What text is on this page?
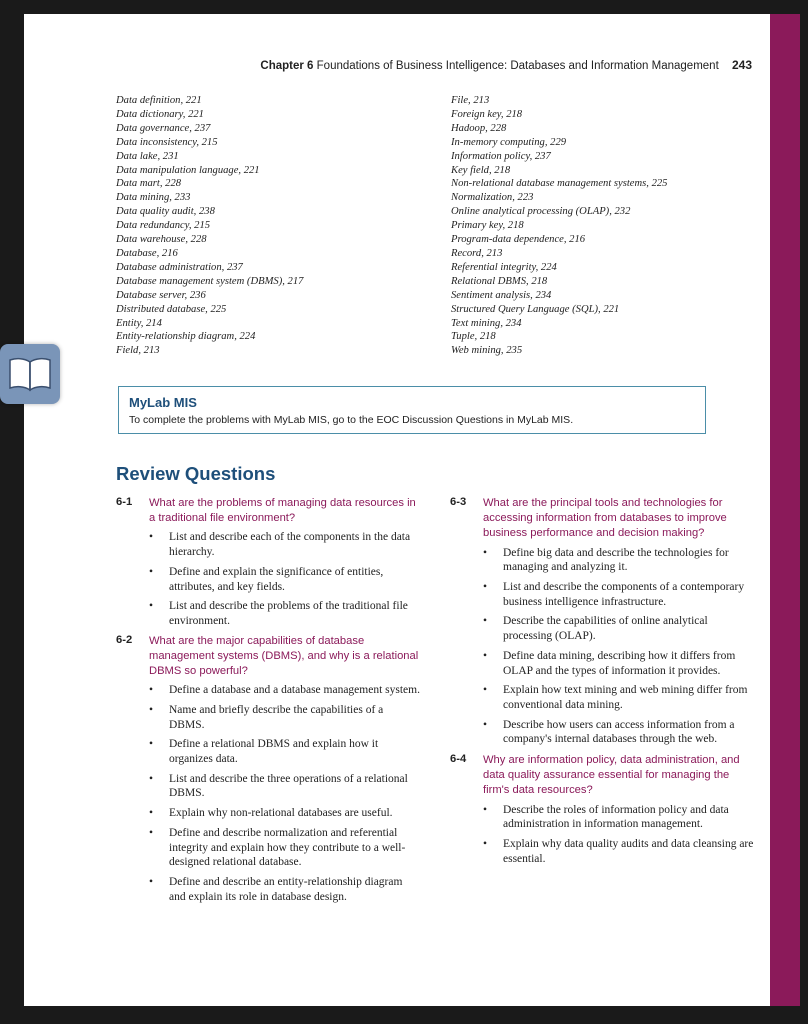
Chapter 6 Foundations of Business Intelligence: Databases and Information Management 243
Data definition, 221
Data dictionary, 221
Data governance, 237
Data inconsistency, 215
Data lake, 231
Data manipulation language, 221
Data mart, 228
Data mining, 233
Data quality audit, 238
Data redundancy, 215
Data warehouse, 228
Database, 216
Database administration, 237
Database management system (DBMS), 217
Database server, 236
Distributed database, 225
Entity, 214
Entity-relationship diagram, 224
Field, 213
File, 213
Foreign key, 218
Hadoop, 228
In-memory computing, 229
Information policy, 237
Key field, 218
Non-relational database management systems, 225
Normalization, 223
Online analytical processing (OLAP), 232
Primary key, 218
Program-data dependence, 216
Record, 213
Referential integrity, 224
Relational DBMS, 218
Sentiment analysis, 234
Structured Query Language (SQL), 221
Text mining, 234
Tuple, 218
Web mining, 235
MyLab MIS
To complete the problems with MyLab MIS, go to the EOC Discussion Questions in MyLab MIS.
Review Questions
6-1 What are the problems of managing data resources in a traditional file environment?
• List and describe each of the components in the data hierarchy.
• Define and explain the significance of entities, attributes, and key fields.
• List and describe the problems of the traditional file environment.
6-2 What are the major capabilities of database management systems (DBMS), and why is a relational DBMS so powerful?
• Define a database and a database management system.
• Name and briefly describe the capabilities of a DBMS.
• Define a relational DBMS and explain how it organizes data.
• List and describe the three operations of a relational DBMS.
• Explain why non-relational databases are useful.
• Define and describe normalization and referential integrity and explain how they contribute to a well-designed relational database.
• Define and describe an entity-relationship diagram and explain its role in database design.
6-3 What are the principal tools and technologies for accessing information from databases to improve business performance and decision making?
• Define big data and describe the technologies for managing and analyzing it.
• List and describe the components of a contemporary business intelligence infrastructure.
• Describe the capabilities of online analytical processing (OLAP).
• Define data mining, describing how it differs from OLAP and the types of information it provides.
• Explain how text mining and web mining differ from conventional data mining.
• Describe how users can access information from a company's internal databases through the web.
6-4 Why are information policy, data administration, and data quality assurance essential for managing the firm's data resources?
• Describe the roles of information policy and data administration in information management.
• Explain why data quality audits and data cleansing are essential.
